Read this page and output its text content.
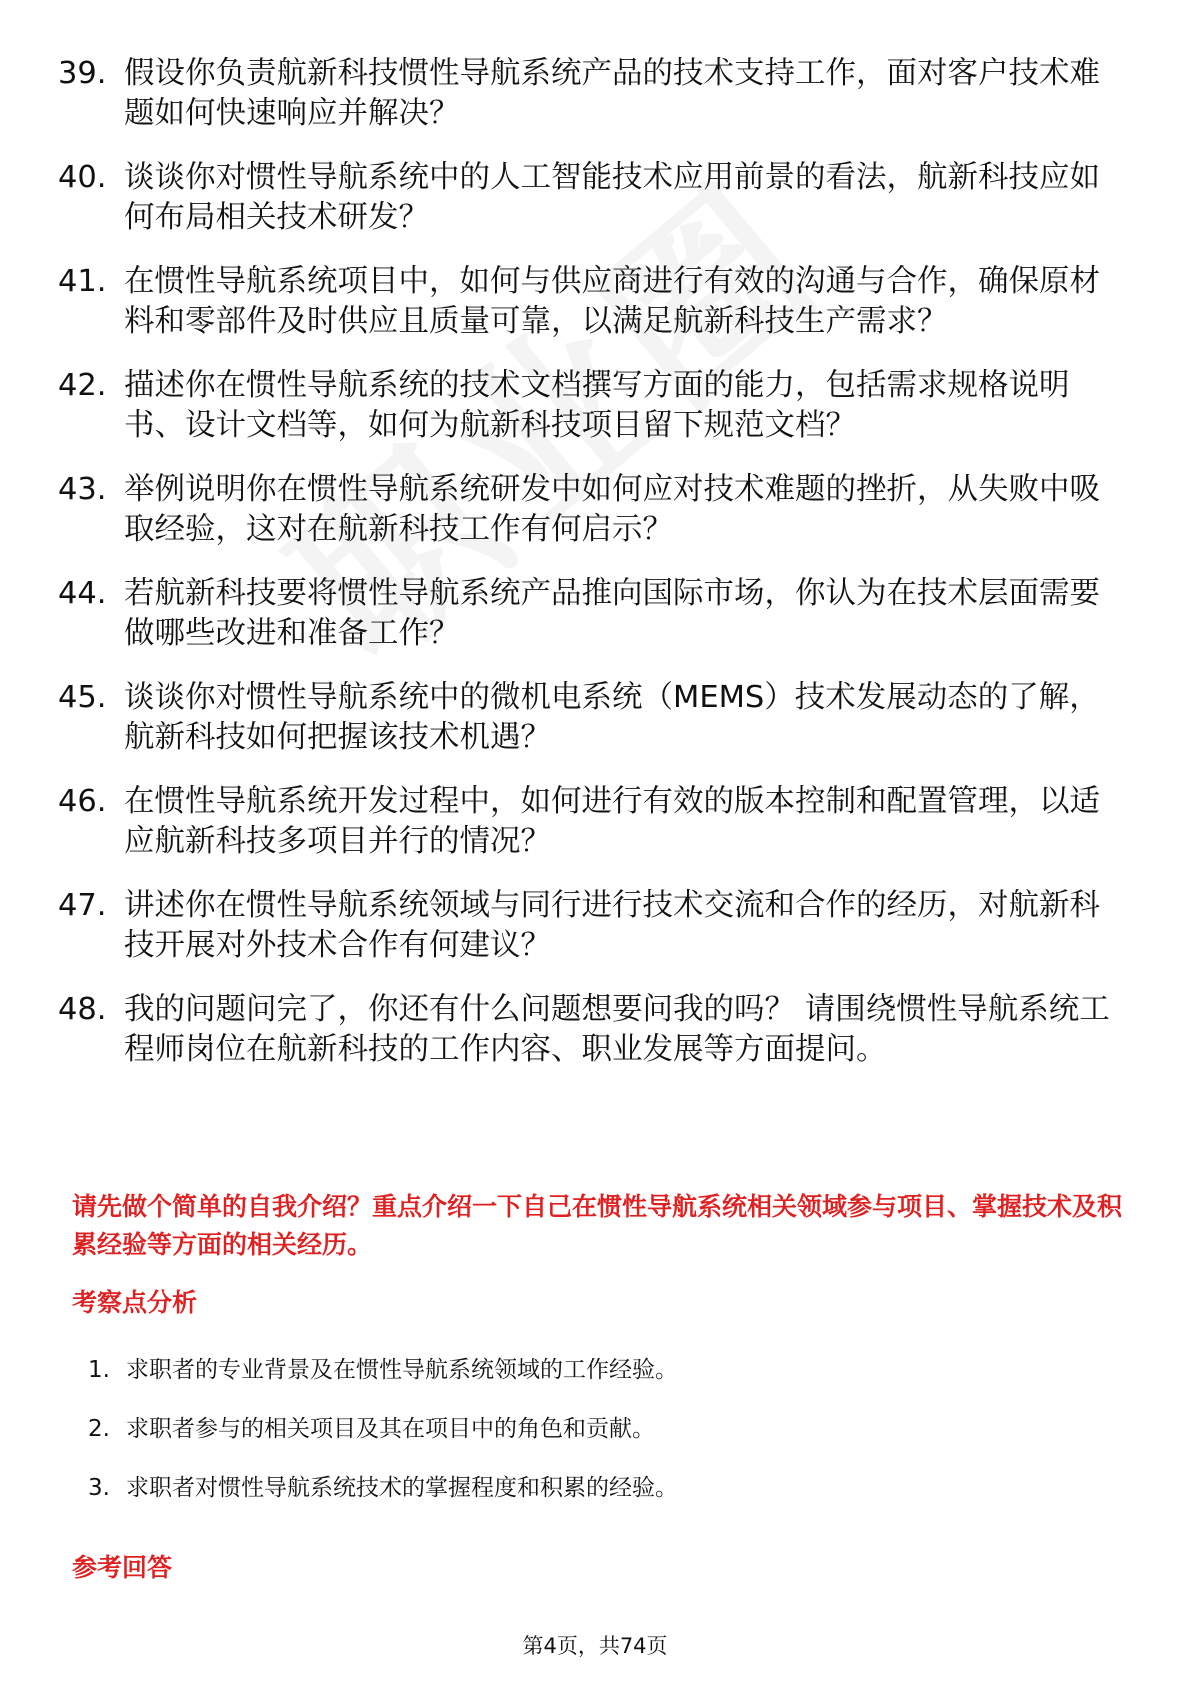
39. 假设你负责航新科技惯性导航系统产品的技术支持工作，面对客户技术难题如何快速响应并解决？
40. 谈谈你对惯性导航系统中的人工智能技术应用前景的看法，航新科技应如何布局相关技术研发？
41. 在惯性导航系统项目中，如何与供应商进行有效的沟通与合作，确保原材料和零部件及时供应且质量可靠，以满足航新科技生产需求？
42. 描述你在惯性导航系统的技术文档撰写方面的能力，包括需求规格说明书、设计文档等，如何为航新科技项目留下规范文档？
43. 举例说明你在惯性导航系统研发中如何应对技术难题的挫折，从失败中吸取经验，这对在航新科技工作有何启示？
44. 若航新科技要将惯性导航系统产品推向国际市场，你认为在技术层面需要做哪些改进和准备工作？
45. 谈谈你对惯性导航系统中的微机电系统（MEMS）技术发展动态的了解，航新科技如何把握该技术机遇？
46. 在惯性导航系统开发过程中，如何进行有效的版本控制和配置管理，以适应航新科技多项目并行的情况？
47. 讲述你在惯性导航系统领域与同行进行技术交流和合作的经历，对航新科技开展对外技术合作有何建议？
48. 我的问题问完了，你还有什么问题想要问我的吗？ 请围绕惯性导航系统工程师岗位在航新科技的工作内容、职业发展等方面提问。
请先做个简单的自我介绍？重点介绍一下自己在惯性导航系统相关领域参与项目、掌握技术及积累经验等方面的相关经历。
考察点分析
1. 求职者的专业背景及在惯性导航系统领域的工作经验。
2. 求职者参与的相关项目及其在项目中的角色和贡献。
3. 求职者对惯性导航系统技术的掌握程度和积累的经验。
参考回答
第4页，共74页
